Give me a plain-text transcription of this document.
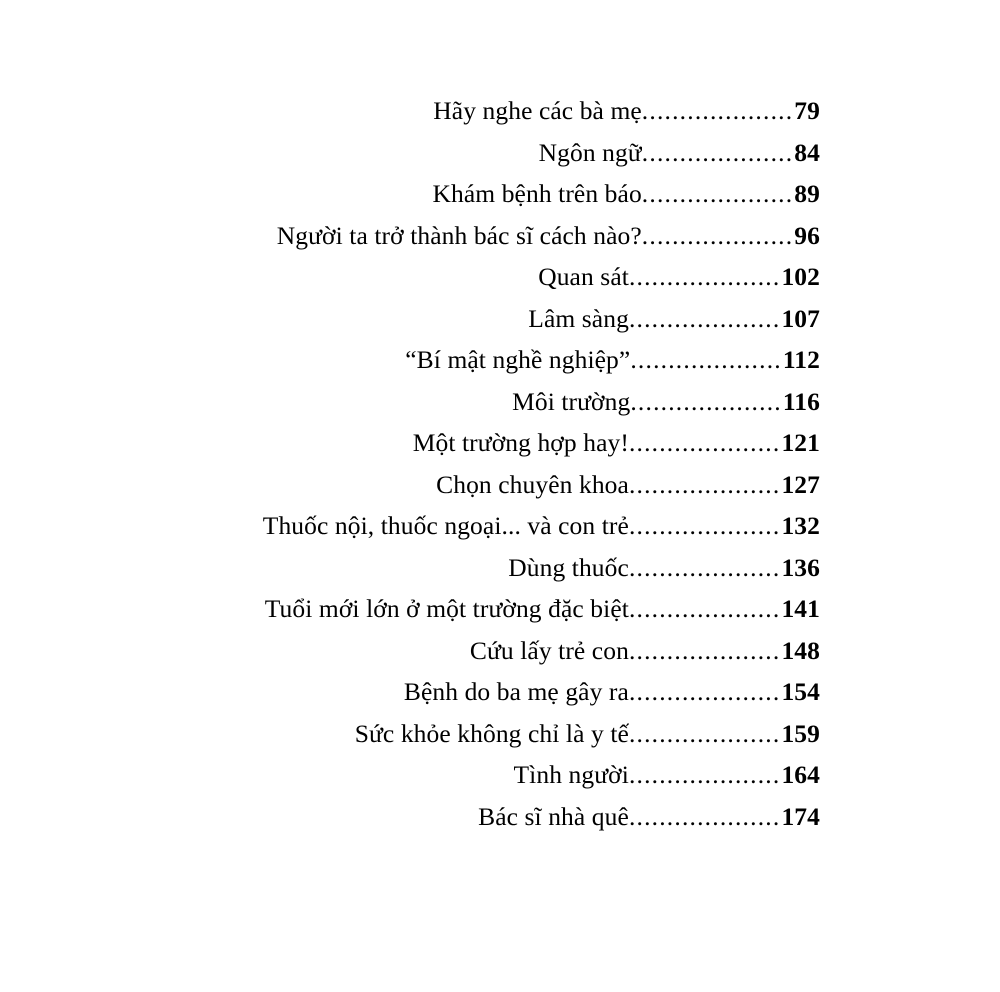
Hãy nghe các bà mẹ .................... 79
Ngôn ngữ .................... 84
Khám bệnh trên báo .................... 89
Người ta trở thành bác sĩ cách nào? .................... 96
Quan sát .................... 102
Lâm sàng .................... 107
“Bí mật nghề nghiệp” .................... 112
Môi trường .................... 116
Một trường hợp hay! .................... 121
Chọn chuyên khoa .................... 127
Thuốc nội, thuốc ngoại... và con trẻ .................... 132
Dùng thuốc .................... 136
Tuổi mới lớn ở một trường đặc biệt .................... 141
Cứu lấy trẻ con .................... 148
Bệnh do ba mẹ gây ra .................... 154
Sức khỏe không chỉ là y tế .................... 159
Tình người .................... 164
Bác sĩ nhà quê .................... 174
